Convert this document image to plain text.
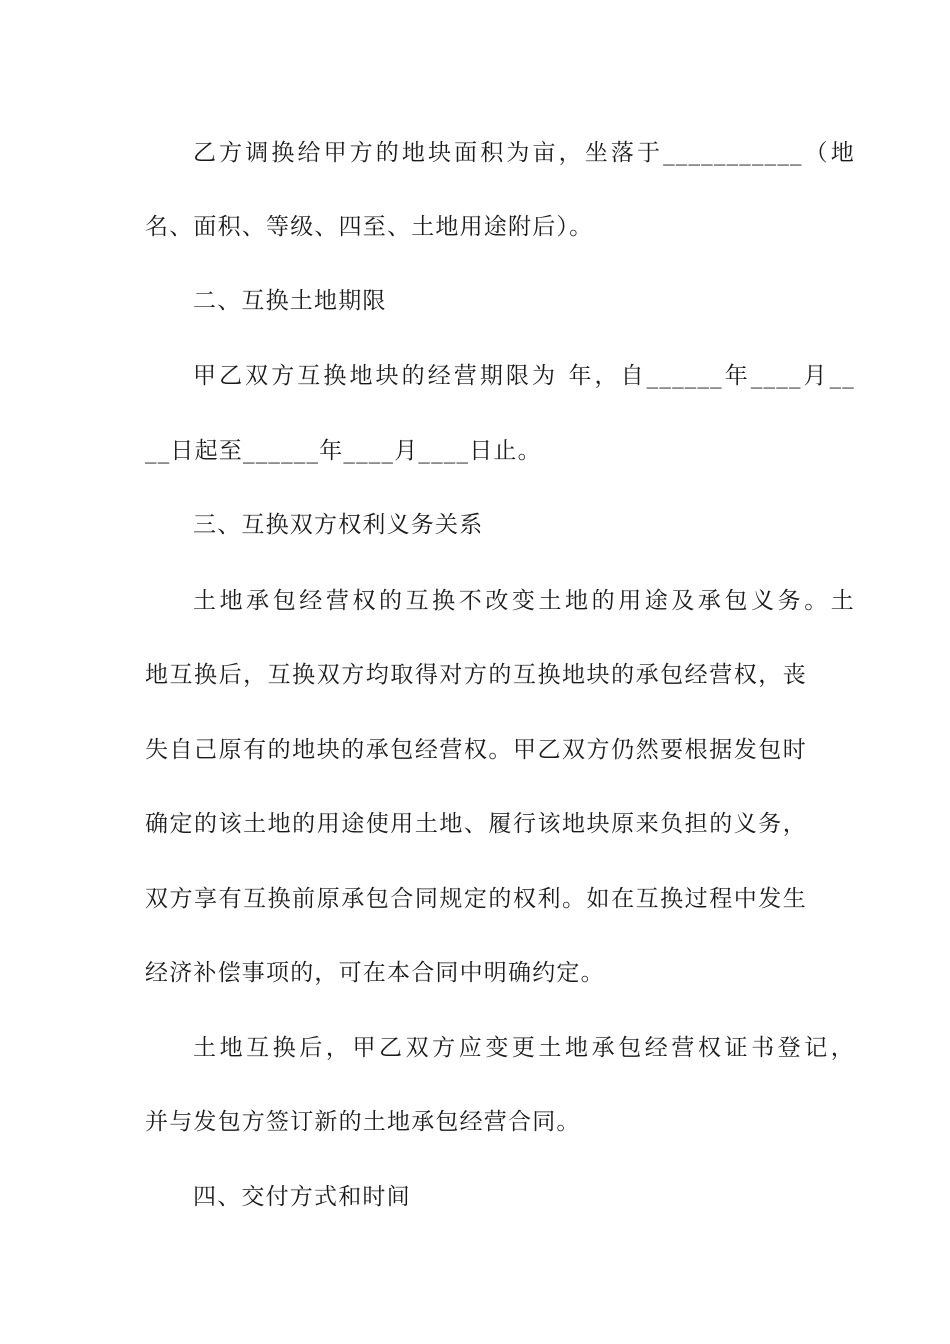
乙方调换给甲方的地块面积为亩，坐落于___________（地
名、面积、等级、四至、土地用途附后）。
二、互换土地期限
甲乙双方互换地块的经营期限为 年，自______年____月__
__日起至______年____月____日止。
三、互换双方权利义务关系
土地承包经营权的互换不改变土地的用途及承包义务。土
地互换后，互换双方均取得对方的互换地块的承包经营权，丧
失自己原有的地块的承包经营权。甲乙双方仍然要根据发包时
确定的该土地的用途使用土地、履行该地块原来负担的义务，
双方享有互换前原承包合同规定的权利。如在互换过程中发生
经济补偿事项的，可在本合同中明确约定。
土地互换后，甲乙双方应变更土地承包经营权证书登记，
并与发包方签订新的土地承包经营合同。
四、交付方式和时间
